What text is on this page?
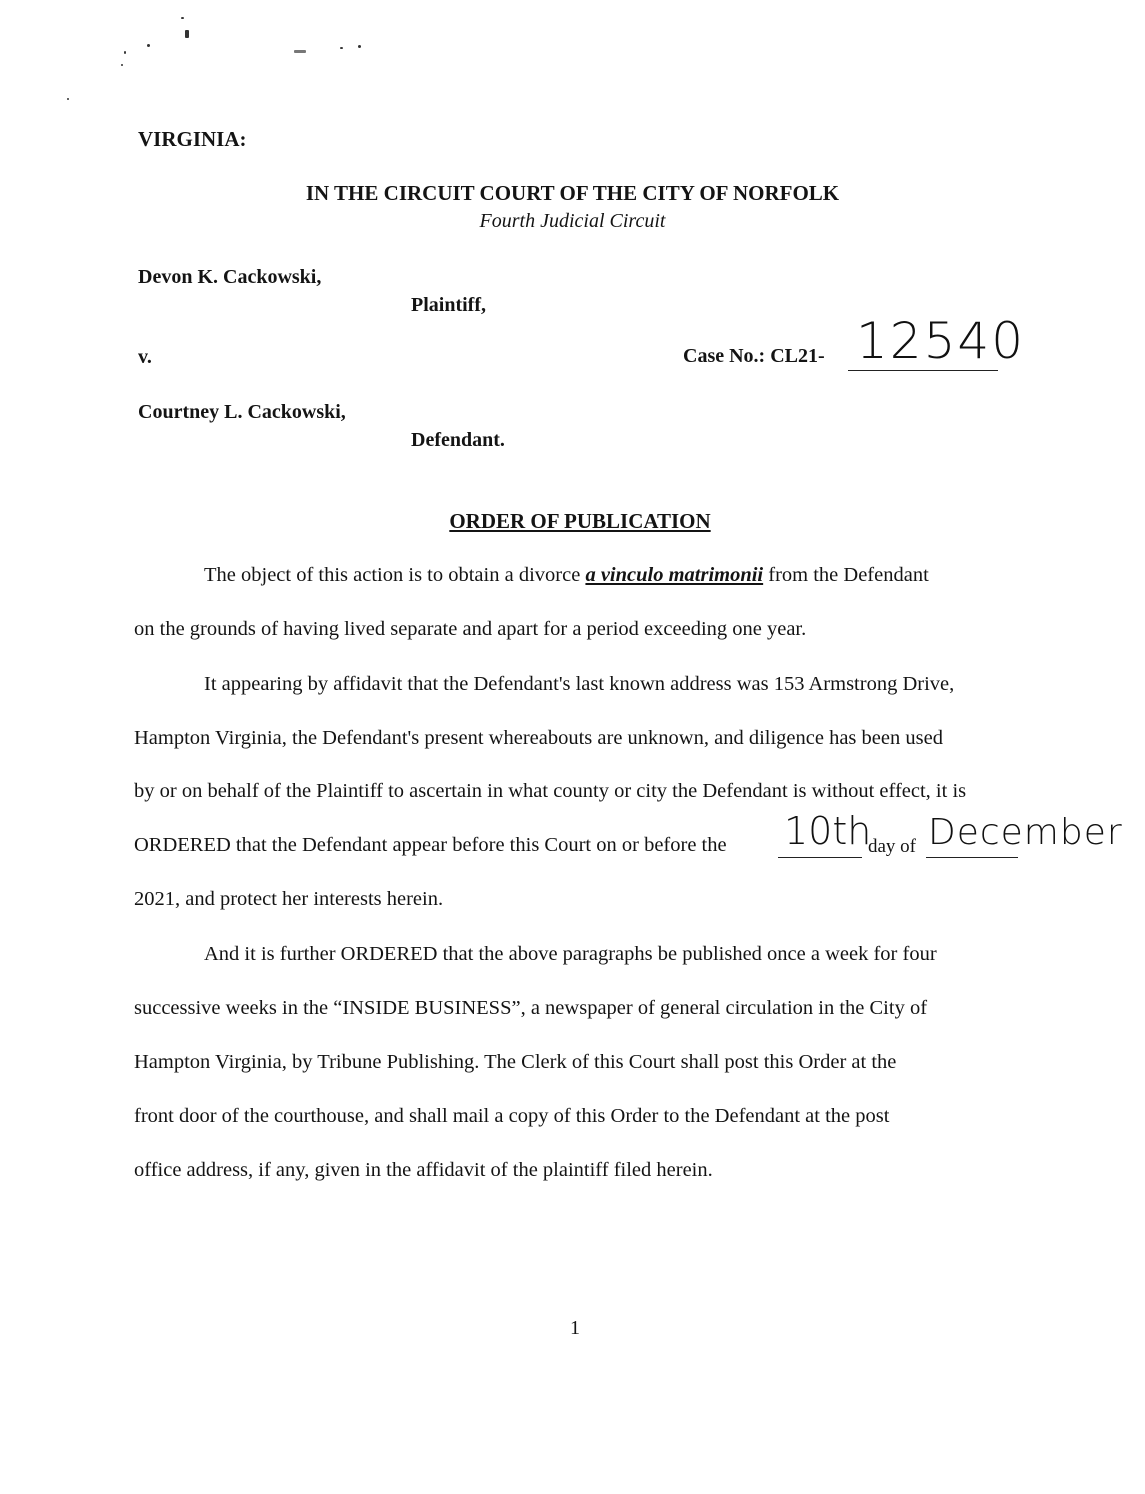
VIRGINIA:
IN THE CIRCUIT COURT OF THE CITY OF NORFOLK
Fourth Judicial Circuit
Devon K. Cackowski,
Plaintiff,
v.	Case No.: CL21- 12540
Courtney L. Cackowski,
Defendant.
ORDER OF PUBLICATION
The object of this action is to obtain a divorce a vinculo matrimonii from the Defendant
on the grounds of having lived separate and apart for a period exceeding one year.
It appearing by affidavit that the Defendant's last known address was 153 Armstrong Drive,
Hampton Virginia, the Defendant's present whereabouts are unknown, and diligence has been used
by or on behalf of the Plaintiff to ascertain in what county or city the Defendant is without effect, it is
ORDERED that the Defendant appear before this Court on or before the 10th
day of December
2021, and protect her interests herein.
And it is further ORDERED that the above paragraphs be published once a week for four
successive weeks in the “INSIDE BUSINESS”, a newspaper of general circulation in the City of
Hampton Virginia, by Tribune Publishing. The Clerk of this Court shall post this Order at the
front door of the courthouse, and shall mail a copy of this Order to the Defendant at the post
office address, if any, given in the affidavit of the plaintiff filed herein.
1
